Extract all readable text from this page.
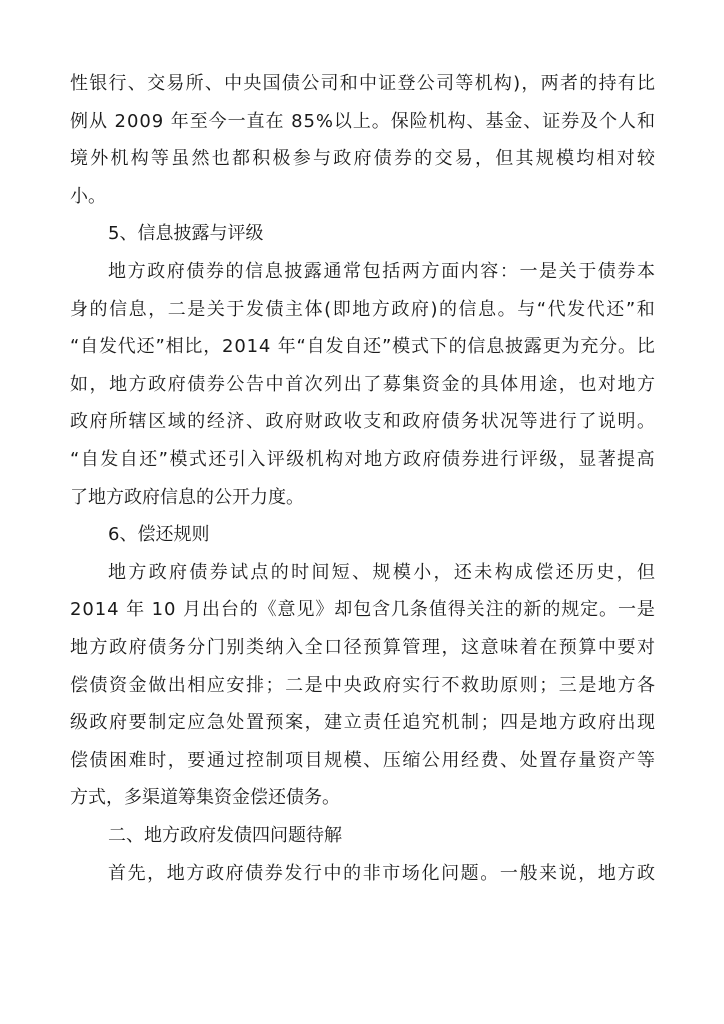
性银行、交易所、中央国债公司和中证登公司等机构)，两者的持有比
例从 2009 年至今一直在 85%以上。保险机构、基金、证券及个人和
境外机构等虽然也都积极参与政府债券的交易，但其规模均相对较
小。
5、信息披露与评级
地方政府债券的信息披露通常包括两方面内容：一是关于债券本
身的信息，二是关于发债主体(即地方政府)的信息。与“代发代还”和
“自发代还”相比，2014 年“自发自还”模式下的信息披露更为充分。比
如，地方政府债券公告中首次列出了募集资金的具体用途，也对地方
政府所辖区域的经济、政府财政收支和政府债务状况等进行了说明。
“自发自还”模式还引入评级机构对地方政府债券进行评级，显著提高
了地方政府信息的公开力度。
6、偿还规则
地方政府债券试点的时间短、规模小，还未构成偿还历史，但
2014 年 10 月出台的《意见》却包含几条值得关注的新的规定。一是
地方政府债务分门别类纳入全口径预算管理，这意味着在预算中要对
偿债资金做出相应安排；二是中央政府实行不救助原则；三是地方各
级政府要制定应急处置预案，建立责任追究机制；四是地方政府出现
偿债困难时，要通过控制项目规模、压缩公用经费、处置存量资产等
方式，多渠道筹集资金偿还债务。
二、地方政府发债四问题待解
首先，地方政府债券发行中的非市场化问题。一般来说，地方政
